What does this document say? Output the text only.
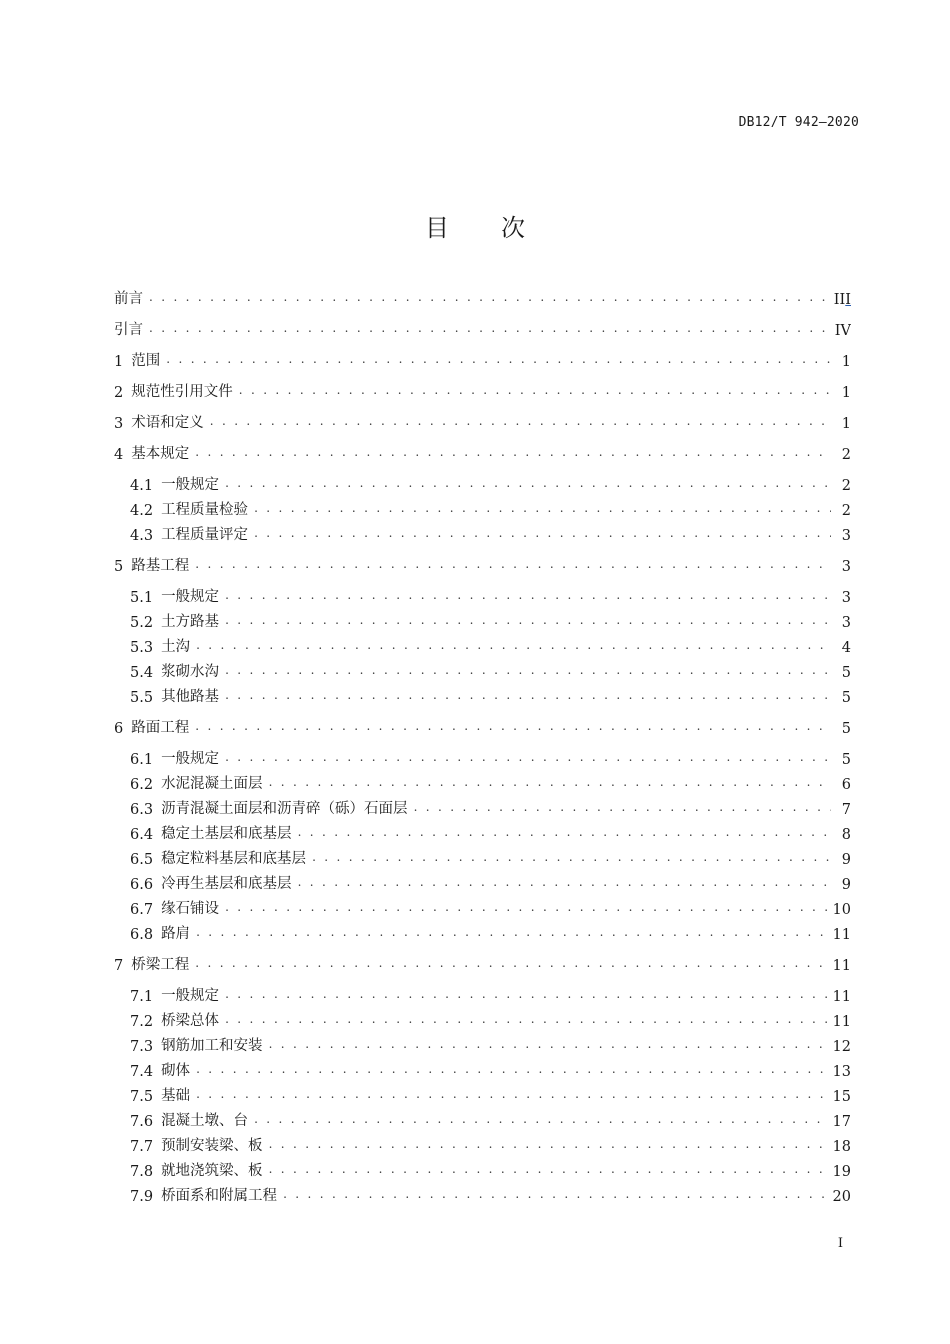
DB12/T 942—2020
目 次
前言 . . .	III
引言 . . .	IV
1 范围 . . .	1
2 规范性引用文件 . . .	1
3 术语和定义 . . .	1
4 基本规定 . . .	2
4.1 一般规定 . . .	2
4.2 工程质量检验 . . .	2
4.3 工程质量评定 . . .	3
5 路基工程 . . .	3
5.1 一般规定 . . .	3
5.2 土方路基 . . .	3
5.3 土沟 . . .	4
5.4 浆砌水沟 . . .	5
5.5 其他路基 . . .	5
6 路面工程 . . .	5
6.1 一般规定 . . .	5
6.2 水泥混凝土面层 . . .	6
6.3 沥青混凝土面层和沥青碎（砾）石面层 . . .	7
6.4 稳定土基层和底基层 . . .	8
6.5 稳定粒料基层和底基层 . . .	9
6.6 冷再生基层和底基层 . . .	9
6.7 缘石铺设 . . .	10
6.8 路肩 . . .	11
7 桥梁工程 . . .	11
7.1 一般规定 . . .	11
7.2 桥梁总体 . . .	11
7.3 钢筋加工和安装 . . .	12
7.4 砌体 . . .	13
7.5 基础 . . .	15
7.6 混凝土墩、台 . . .	17
7.7 预制安装梁、板 . . .	18
7.8 就地浇筑梁、板 . . .	19
7.9 桥面系和附属工程 . . .	20
I
